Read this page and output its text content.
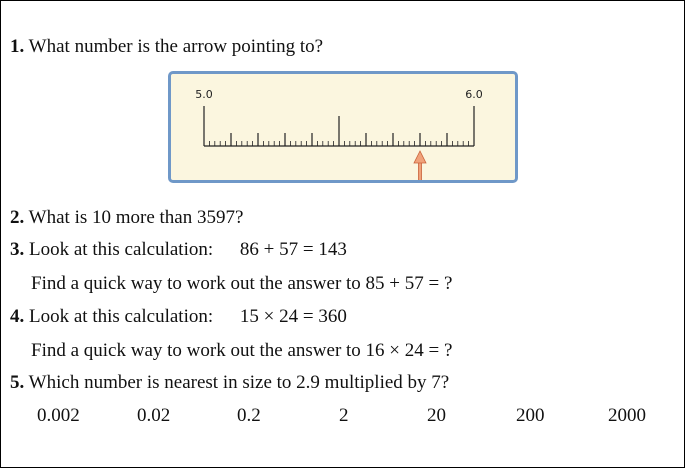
1. What number is the arrow pointing to?
5.0	6.0
2. What is 10 more than 3597?
3. Look at this calculation: 86 + 57 = 143
Find a quick way to work out the answer to 85 + 57 = ?
4. Look at this calculation: 15 × 24 = 360
Find a quick way to work out the answer to 16 × 24 = ?
5. Which number is nearest in size to 2.9 multiplied by 7?
0.002	0.02	0.2	2	20	200	2000
